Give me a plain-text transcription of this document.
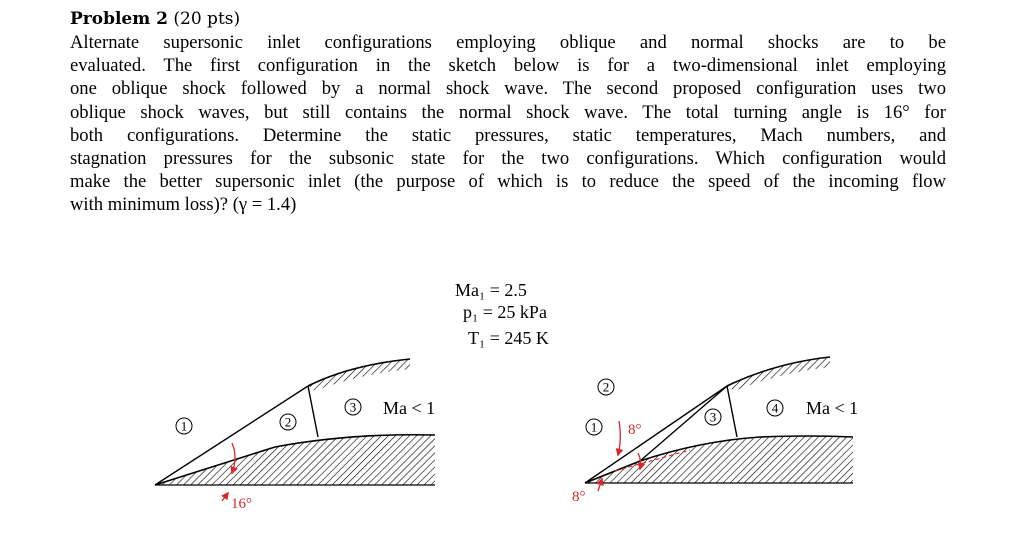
Problem 2 (20 pts)
Alternate supersonic inlet configurations employing oblique and normal shocks are to be
evaluated. The first configuration in the sketch below is for a two-dimensional inlet employing
one oblique shock followed by a normal shock wave. The second proposed configuration uses two
oblique shock waves, but still contains the normal shock wave. The total turning angle is 16° for
both configurations. Determine the static pressures, static temperatures, Mach numbers, and
stagnation pressures for the subsonic state for the two configurations. Which configuration would
make the better supersonic inlet (the purpose of which is to reduce the speed of the incoming flow
with minimum loss)? (γ = 1.4)
Ma₁ = 2.5
p₁ = 25 kPa
T₁ = 245 K
16°
1	2
3 Ma < 1
8°
8°
1
2
3
4 Ma < 1
